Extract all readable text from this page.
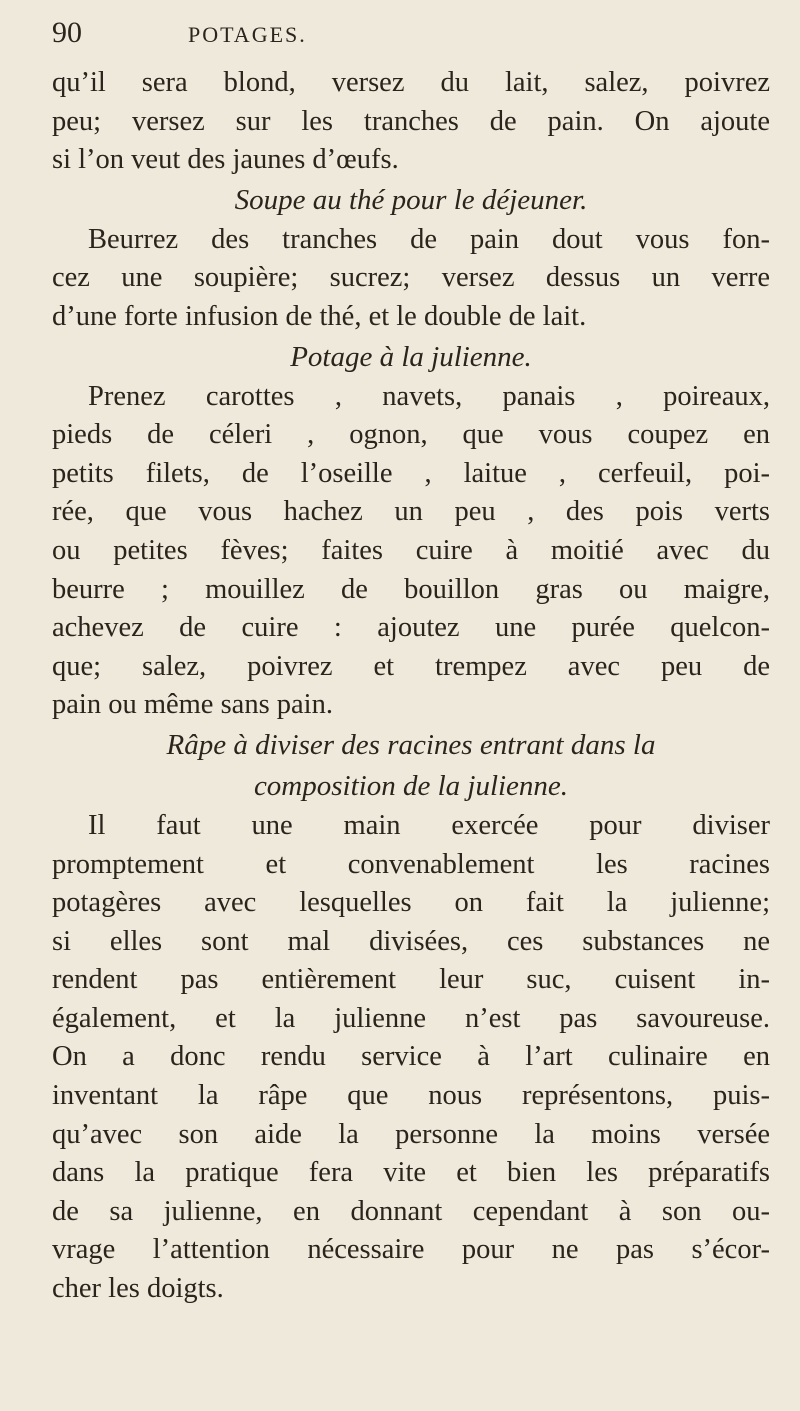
90	POTAGES.
qu’il sera blond, versez du lait, salez, poivrez
peu; versez sur les tranches de pain. On ajoute
si l’on veut des jaunes d’œufs.
Soupe au thé pour le déjeuner.
Beurrez des tranches de pain dout vous fon-
cez une soupière; sucrez; versez dessus un verre
d’une forte infusion de thé, et le double de lait.
Potage à la julienne.
Prenez carottes , navets, panais , poireaux,
pieds de céleri , ognon, que vous coupez en
petits filets, de l’oseille , laitue , cerfeuil, poi-
rée, que vous hachez un peu , des pois verts
ou petites fèves; faites cuire à moitié avec du
beurre ; mouillez de bouillon gras ou maigre,
achevez de cuire : ajoutez une purée quelcon-
que; salez, poivrez et trempez avec peu de
pain ou même sans pain.
Râpe à diviser des racines entrant dans la
composition de la julienne.
Il faut une main exercée pour diviser
promptement et convenablement les racines
potagères avec lesquelles on fait la julienne;
si elles sont mal divisées, ces substances ne
rendent pas entièrement leur suc, cuisent in-
également, et la julienne n’est pas savoureuse.
On a donc rendu service à l’art culinaire en
inventant la râpe que nous représentons, puis-
qu’avec son aide la personne la moins versée
dans la pratique fera vite et bien les préparatifs
de sa julienne, en donnant cependant à son ou-
vrage l’attention nécessaire pour ne pas s’écor-
cher les doigts.
